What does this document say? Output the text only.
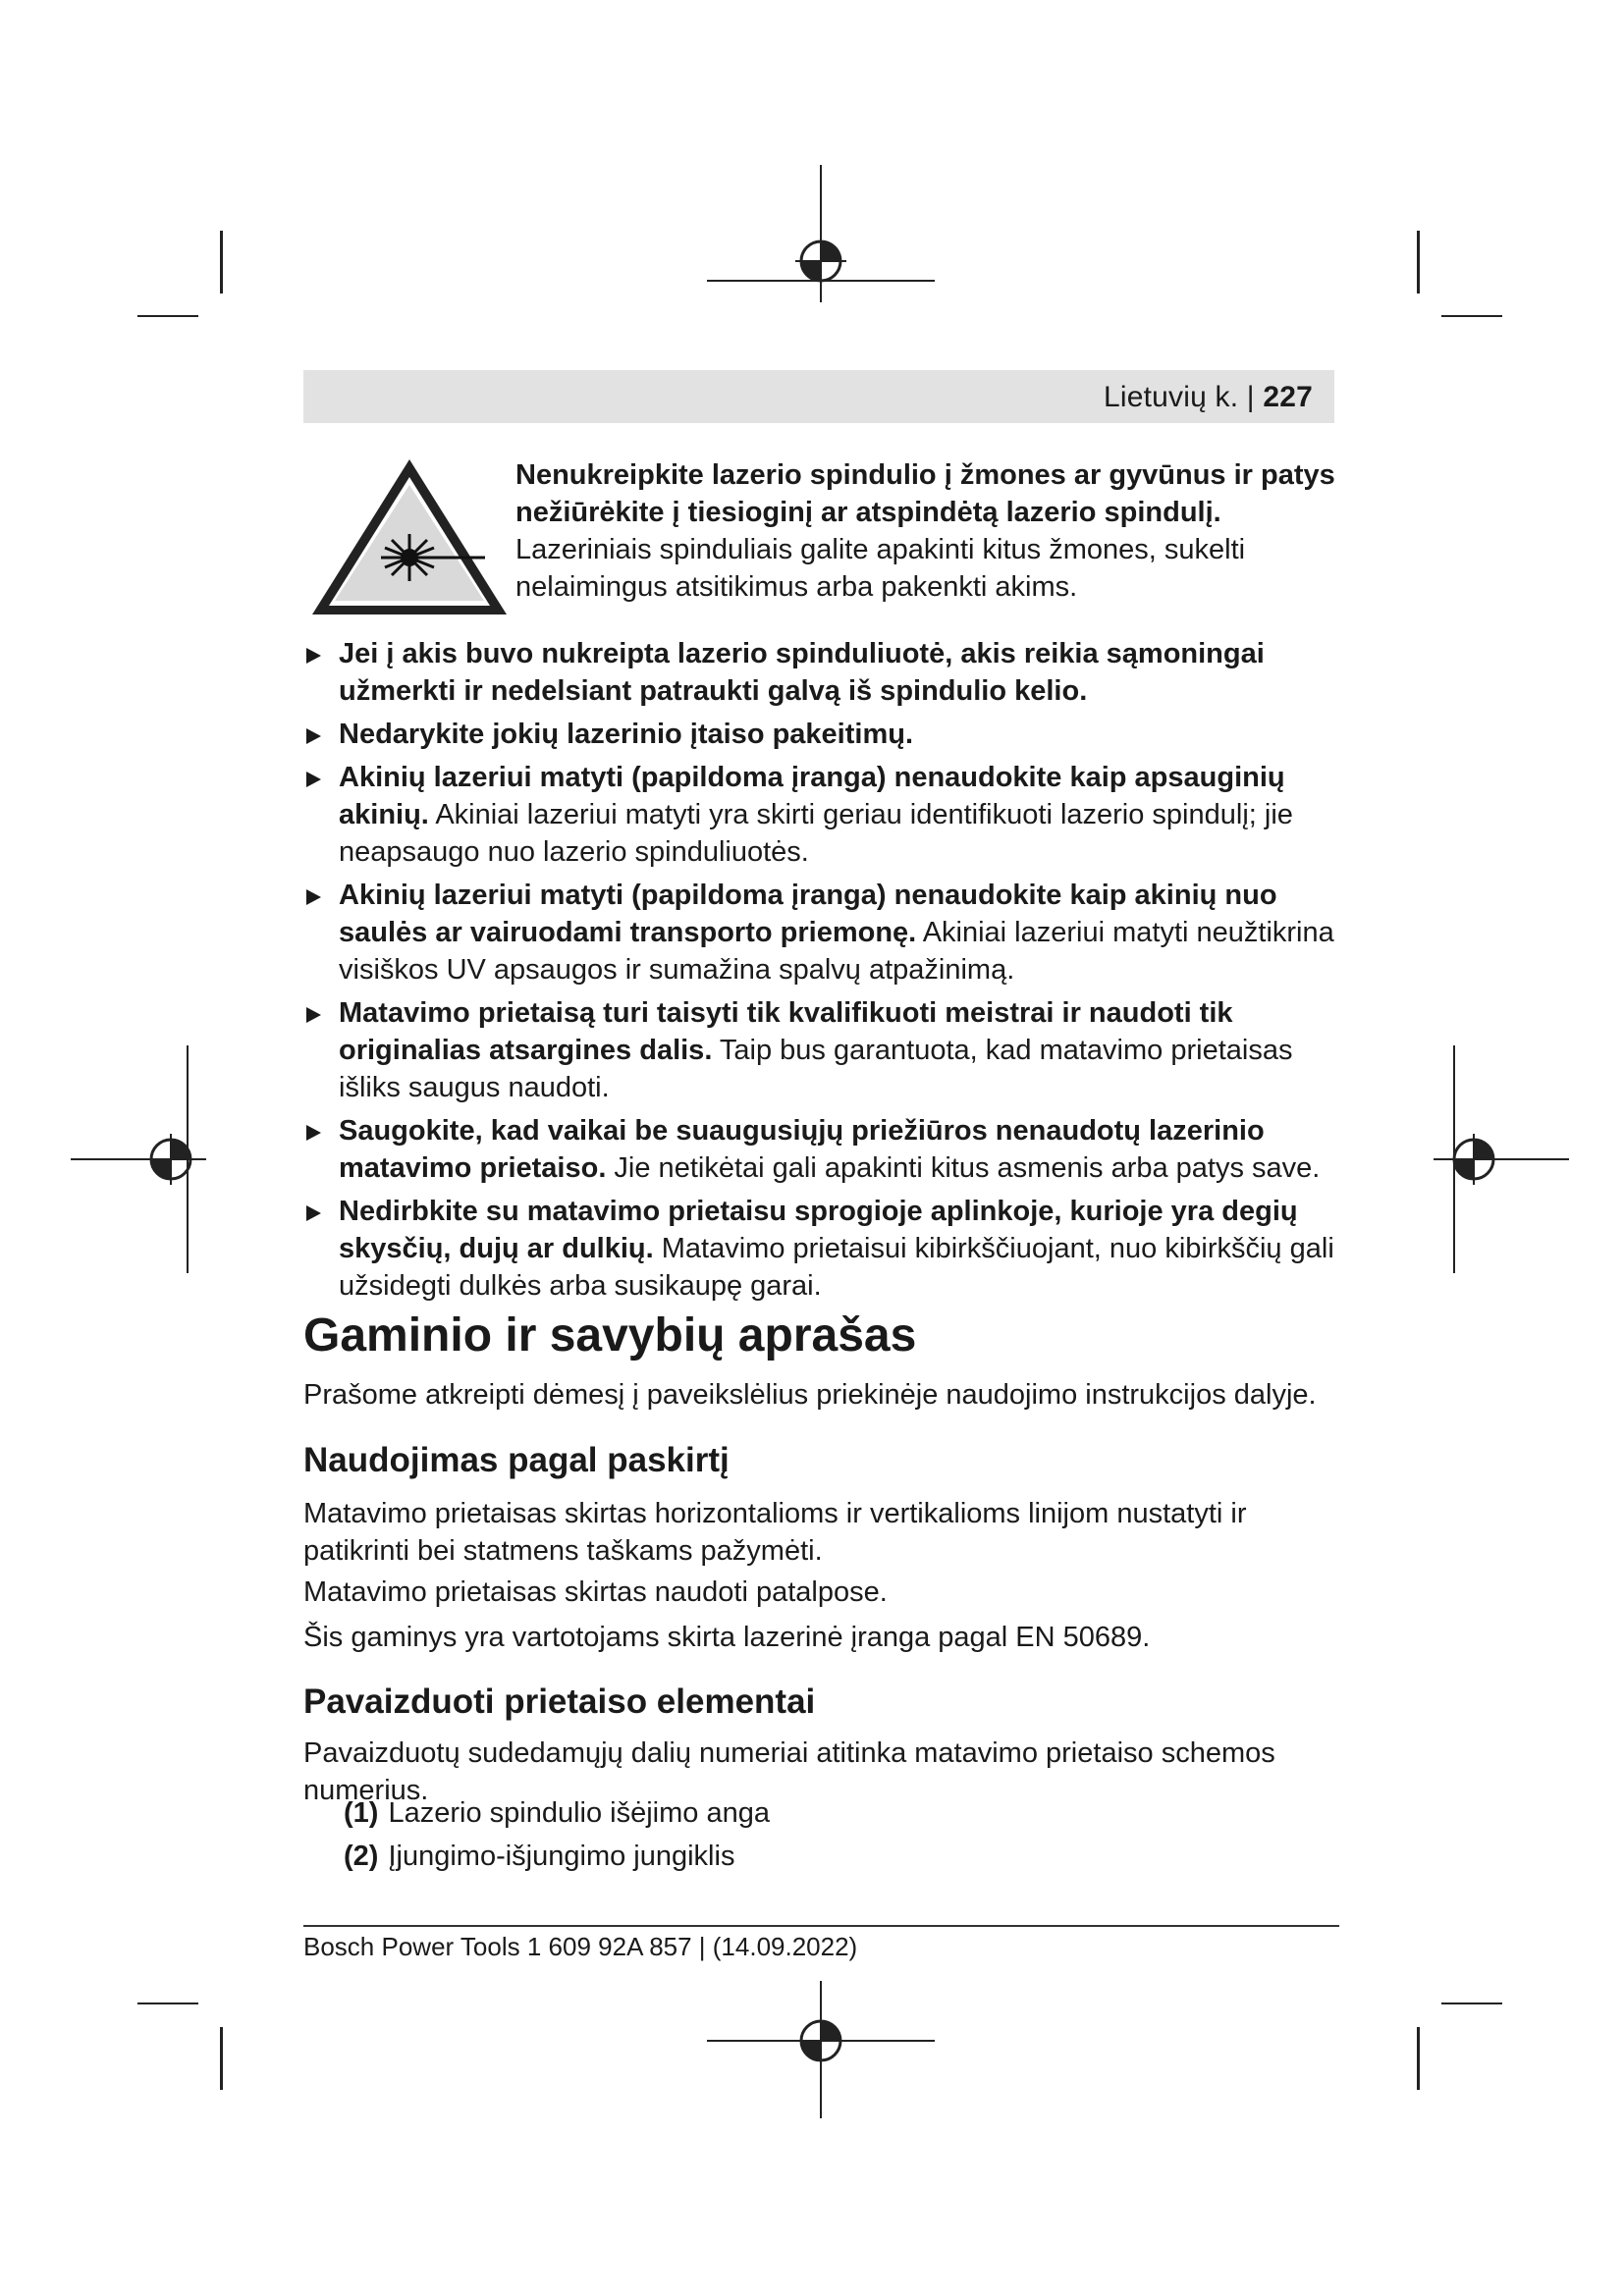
Lietuvių k. | 227
Nenukreipkite lazerio spindulio į žmones ar gyvūnus ir patys nežiūrėkite į tiesioginį ar atspindėtą lazerio spindulį. Lazeriniais spinduliais galite apakinti kitus žmones, sukelti nelaimingus atsitikimus arba pakenkti akims.
Jei į akis buvo nukreipta lazerio spinduliuotė, akis reikia sąmoningai užmerkti ir nedelsiant patraukti galvą iš spindulio kelio.
Nedarykite jokių lazerinio įtaiso pakeitimų.
Akinių lazeriui matyti (papildoma įranga) nenaudokite kaip apsauginių akinių. Akiniai lazeriui matyti yra skirti geriau identifikuoti lazerio spindulį; jie neapsaugo nuo lazerio spinduliuotės.
Akinių lazeriui matyti (papildoma įranga) nenaudokite kaip akinių nuo saulės ar vairuodami transporto priemonę. Akiniai lazeriui matyti neužtikrina visiškos UV apsaugos ir sumažina spalvų atpažinimą.
Matavimo prietaisą turi taisyti tik kvalifikuoti meistrai ir naudoti tik originalias atsargines dalis. Taip bus garantuota, kad matavimo prietaisas išliks saugus naudoti.
Saugokite, kad vaikai be suaugusiųjų priežiūros nenaudotų lazerinio matavimo prietaiso. Jie netikėtai gali apakinti kitus asmenis arba patys save.
Nedirbkite su matavimo prietaisu sprogioje aplinkoje, kurioje yra degių skysčių, dujų ar dulkių. Matavimo prietaisui kibirkščiuojant, nuo kibirkščių gali užsidegti dulkės arba susikaupę garai.
Gaminio ir savybių aprašas

Prašome atkreipti dėmesį į paveikslėlius priekinėje naudojimo instrukcijos dalyje.

Naudojimas pagal paskirtį

Matavimo prietaisas skirtas horizontalioms ir vertikalioms linijom nustatyti ir patikrinti bei statmens taškams pažymėti.

Matavimo prietaisas skirtas naudoti patalpose.

Šis gaminys yra vartotojams skirta lazerinė įranga pagal EN 50689.

Pavaizduoti prietaiso elementai

Pavaizduotų sudedamųjų dalių numeriai atitinka matavimo prietaiso schemos numerius.

(1) Lazerio spindulio išėjimo anga
(2) Įjungimo-išjungimo jungiklis
Bosch Power Tools 1 609 92A 857 | (14.09.2022)
